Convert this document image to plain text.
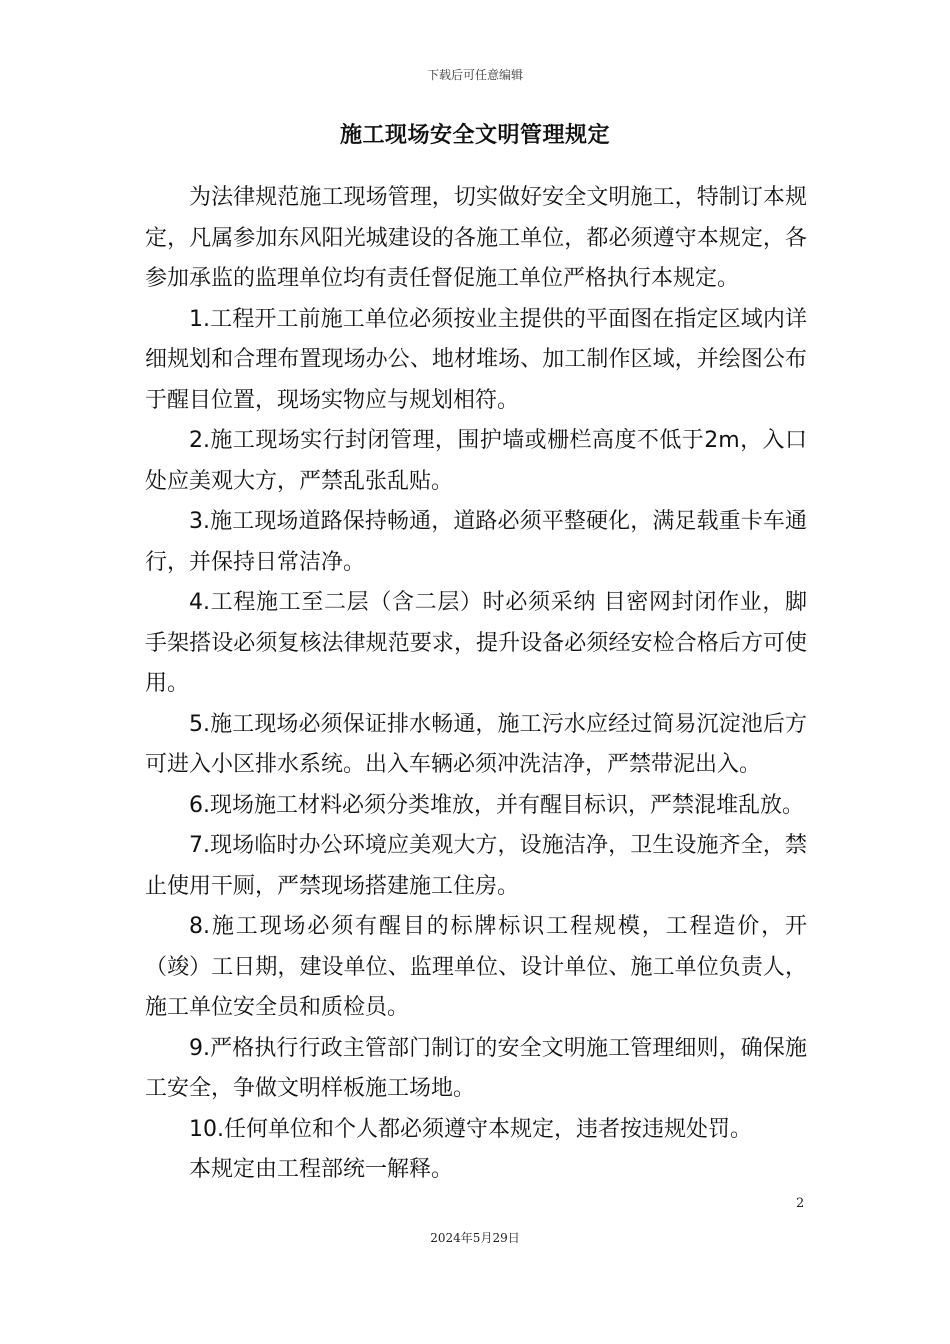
下载后可任意编辑
施工现场安全文明管理规定

为法律规范施工现场管理，切实做好安全文明施工，特制订本规定，凡属参加东风阳光城建设的各施工单位，都必须遵守本规定，各参加承监的监理单位均有责任督促施工单位严格执行本规定。

1.工程开工前施工单位必须按业主提供的平面图在指定区域内详细规划和合理布置现场办公、地材堆场、加工制作区域，并绘图公布于醒目位置，现场实物应与规划相符。

2.施工现场实行封闭管理，围护墙或栅栏高度不低于2m，入口处应美观大方，严禁乱张乱贴。

3.施工现场道路保持畅通，道路必须平整硬化，满足载重卡车通行，并保持日常洁净。

4.工程施工至二层（含二层）时必须采纳 目密网封闭作业，脚手架搭设必须复核法律规范要求，提升设备必须经安检合格后方可使用。

5.施工现场必须保证排水畅通，施工污水应经过简易沉淀池后方可进入小区排水系统。出入车辆必须冲洗洁净，严禁带泥出入。

6.现场施工材料必须分类堆放，并有醒目标识，严禁混堆乱放。

7.现场临时办公环境应美观大方，设施洁净，卫生设施齐全，禁止使用干厕，严禁现场搭建施工住房。

8.施工现场必须有醒目的标牌标识工程规模，工程造价，开（竣）工日期，建设单位、监理单位、设计单位、施工单位负责人，施工单位安全员和质检员。

9.严格执行行政主管部门制订的安全文明施工管理细则，确保施工安全，争做文明样板施工场地。

10.任何单位和个人都必须遵守本规定，违者按违规处罚。

本规定由工程部统一解释。

2
2024年5月29日
